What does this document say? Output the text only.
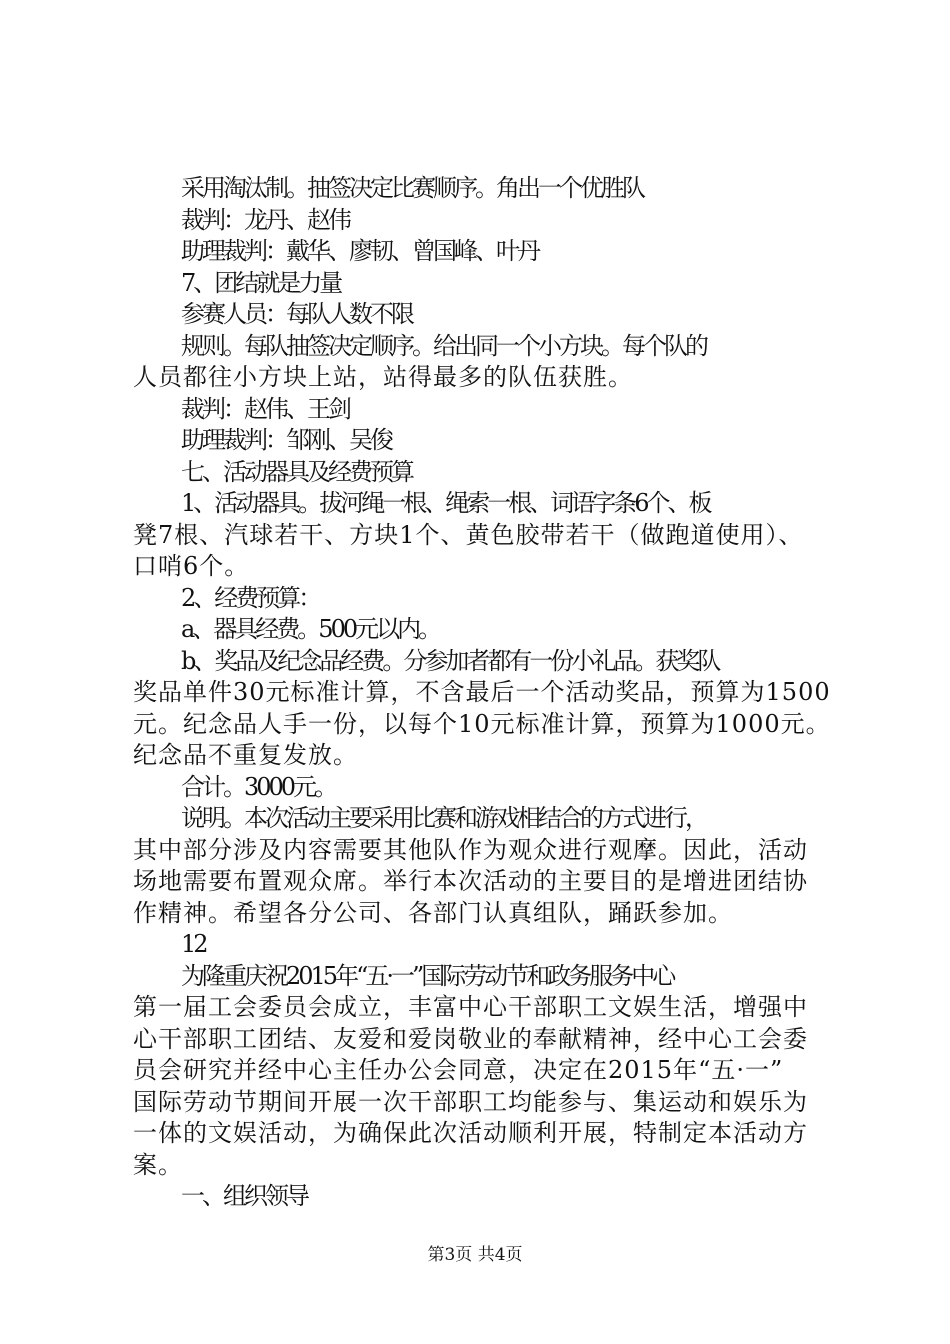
采用淘汰制。抽签决定比赛顺序。角出一个优胜队

裁判：龙丹、赵伟

助理裁判：戴华、廖韧、曾国峰、叶丹

7、团结就是力量

参赛人员：每队人数不限

规则。每队抽签决定顺序。给出同一个小方块。每个队的

人员都往小方块上站，站得最多的队伍获胜。

裁判：赵伟、王剑

助理裁判：邹刚、吴俊

七、活动器具及经费预算

1、活动器具。拔河绳一根、绳索一根、词语字条6个、板

凳7根、汽球若干、方块1个、黄色胶带若干（做跑道使用）、

口哨6个。

2、经费预算：

a、器具经费。500元以内。

b、奖品及纪念品经费。分参加者都有一份小礼品。获奖队

奖品单件30元标准计算，不含最后一个活动奖品，预算为1500

元。纪念品人手一份，以每个10元标准计算，预算为1000元。

纪念品不重复发放。

合计。3000元。

说明。本次活动主要采用比赛和游戏相结合的方式进行，

其中部分涉及内容需要其他队作为观众进行观摩。因此，活动

场地需要布置观众席。举行本次活动的主要目的是增进团结协

作精神。希望各分公司、各部门认真组队，踊跃参加。

12

为隆重庆祝2015年“五·一”国际劳动节和政务服务中心

第一届工会委员会成立，丰富中心干部职工文娱生活，增强中

心干部职工团结、友爱和爱岗敬业的奉献精神，经中心工会委

员会研究并经中心主任办公会同意，决定在2015年“五·一”

国际劳动节期间开展一次干部职工均能参与、集运动和娱乐为

一体的文娱活动，为确保此次活动顺利开展，特制定本活动方

案。

一、组织领导

第3页 共4页
